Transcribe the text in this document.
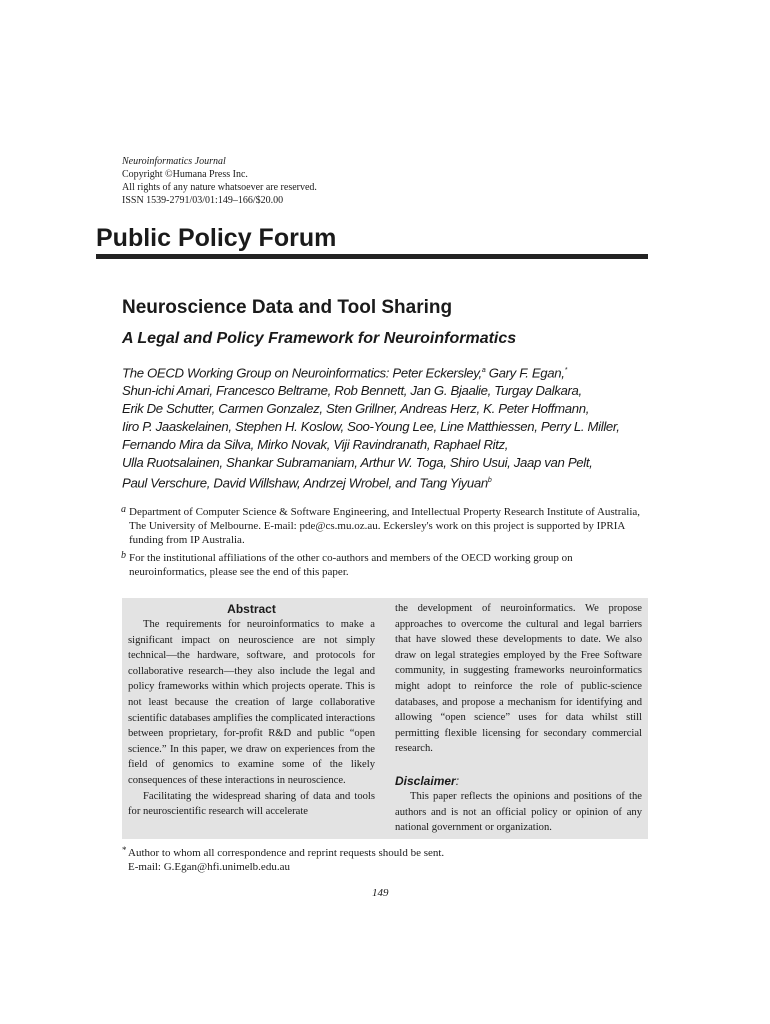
Neuroinformatics Journal
Copyright ©Humana Press Inc.
All rights of any nature whatsoever are reserved.
ISSN 1539-2791/03/01:149–166/$20.00
Public Policy Forum
Neuroscience Data and Tool Sharing
A Legal and Policy Framework for Neuroinformatics
The OECD Working Group on Neuroinformatics: Peter Eckersley,$^a$ Gary F. Egan,*
Shun-ichi Amari, Francesco Beltrame, Rob Bennett, Jan G. Bjaalie, Turgay Dalkara,
Erik De Schutter, Carmen Gonzalez, Sten Grillner, Andreas Herz, K. Peter Hoffmann,
Iiro P. Jaaskelainen, Stephen H. Koslow, Soo-Young Lee, Line Matthiessen, Perry L. Miller,
Fernando Mira da Silva, Mirko Novak, Viji Ravindranath, Raphael Ritz,
Ulla Ruotsalainen, Shankar Subramaniam, Arthur W. Toga, Shiro Usui, Jaap van Pelt,
Paul Verschure, David Willshaw, Andrzej Wrobel, and Tang Yiyuan$^b$
a Department of Computer Science & Software Engineering, and Intellectual Property Research Institute of Australia, The University of Melbourne. E-mail: pde@cs.mu.oz.au. Eckersley's work on this project is supported by IPRIA funding from IP Australia.
b For the institutional affiliations of the other co-authors and members of the OECD working group on neuroinformatics, please see the end of this paper.
Abstract

The requirements for neuroinformatics to make a significant impact on neuroscience are not simply technical—the hardware, software, and protocols for collaborative research—they also include the legal and policy frameworks within which projects operate. This is not least because the creation of large collaborative scientific databases amplifies the complicated interactions between proprietary, for-profit R&D and public “open science.” In this paper, we draw on experiences from the field of genomics to examine some of the likely consequences of these interactions in neuroscience.

Facilitating the widespread sharing of data and tools for neuroscientific research will accelerate

the development of neuroinformatics. We propose approaches to overcome the cultural and legal barriers that have slowed these developments to date. We also draw on legal strategies employed by the Free Software community, in suggesting frameworks neuroinformatics might adopt to reinforce the role of public-science databases, and propose a mechanism for identifying and allowing “open science” uses for data whilst still permitting flexible licensing for secondary commercial research.

Disclaimer:

This paper reflects the opinions and positions of the authors and is not an official policy or opinion of any national government or organization.

* Author to whom all correspondence and reprint requests should be sent.
E-mail: G.Egan@hfi.unimelb.edu.au
149
